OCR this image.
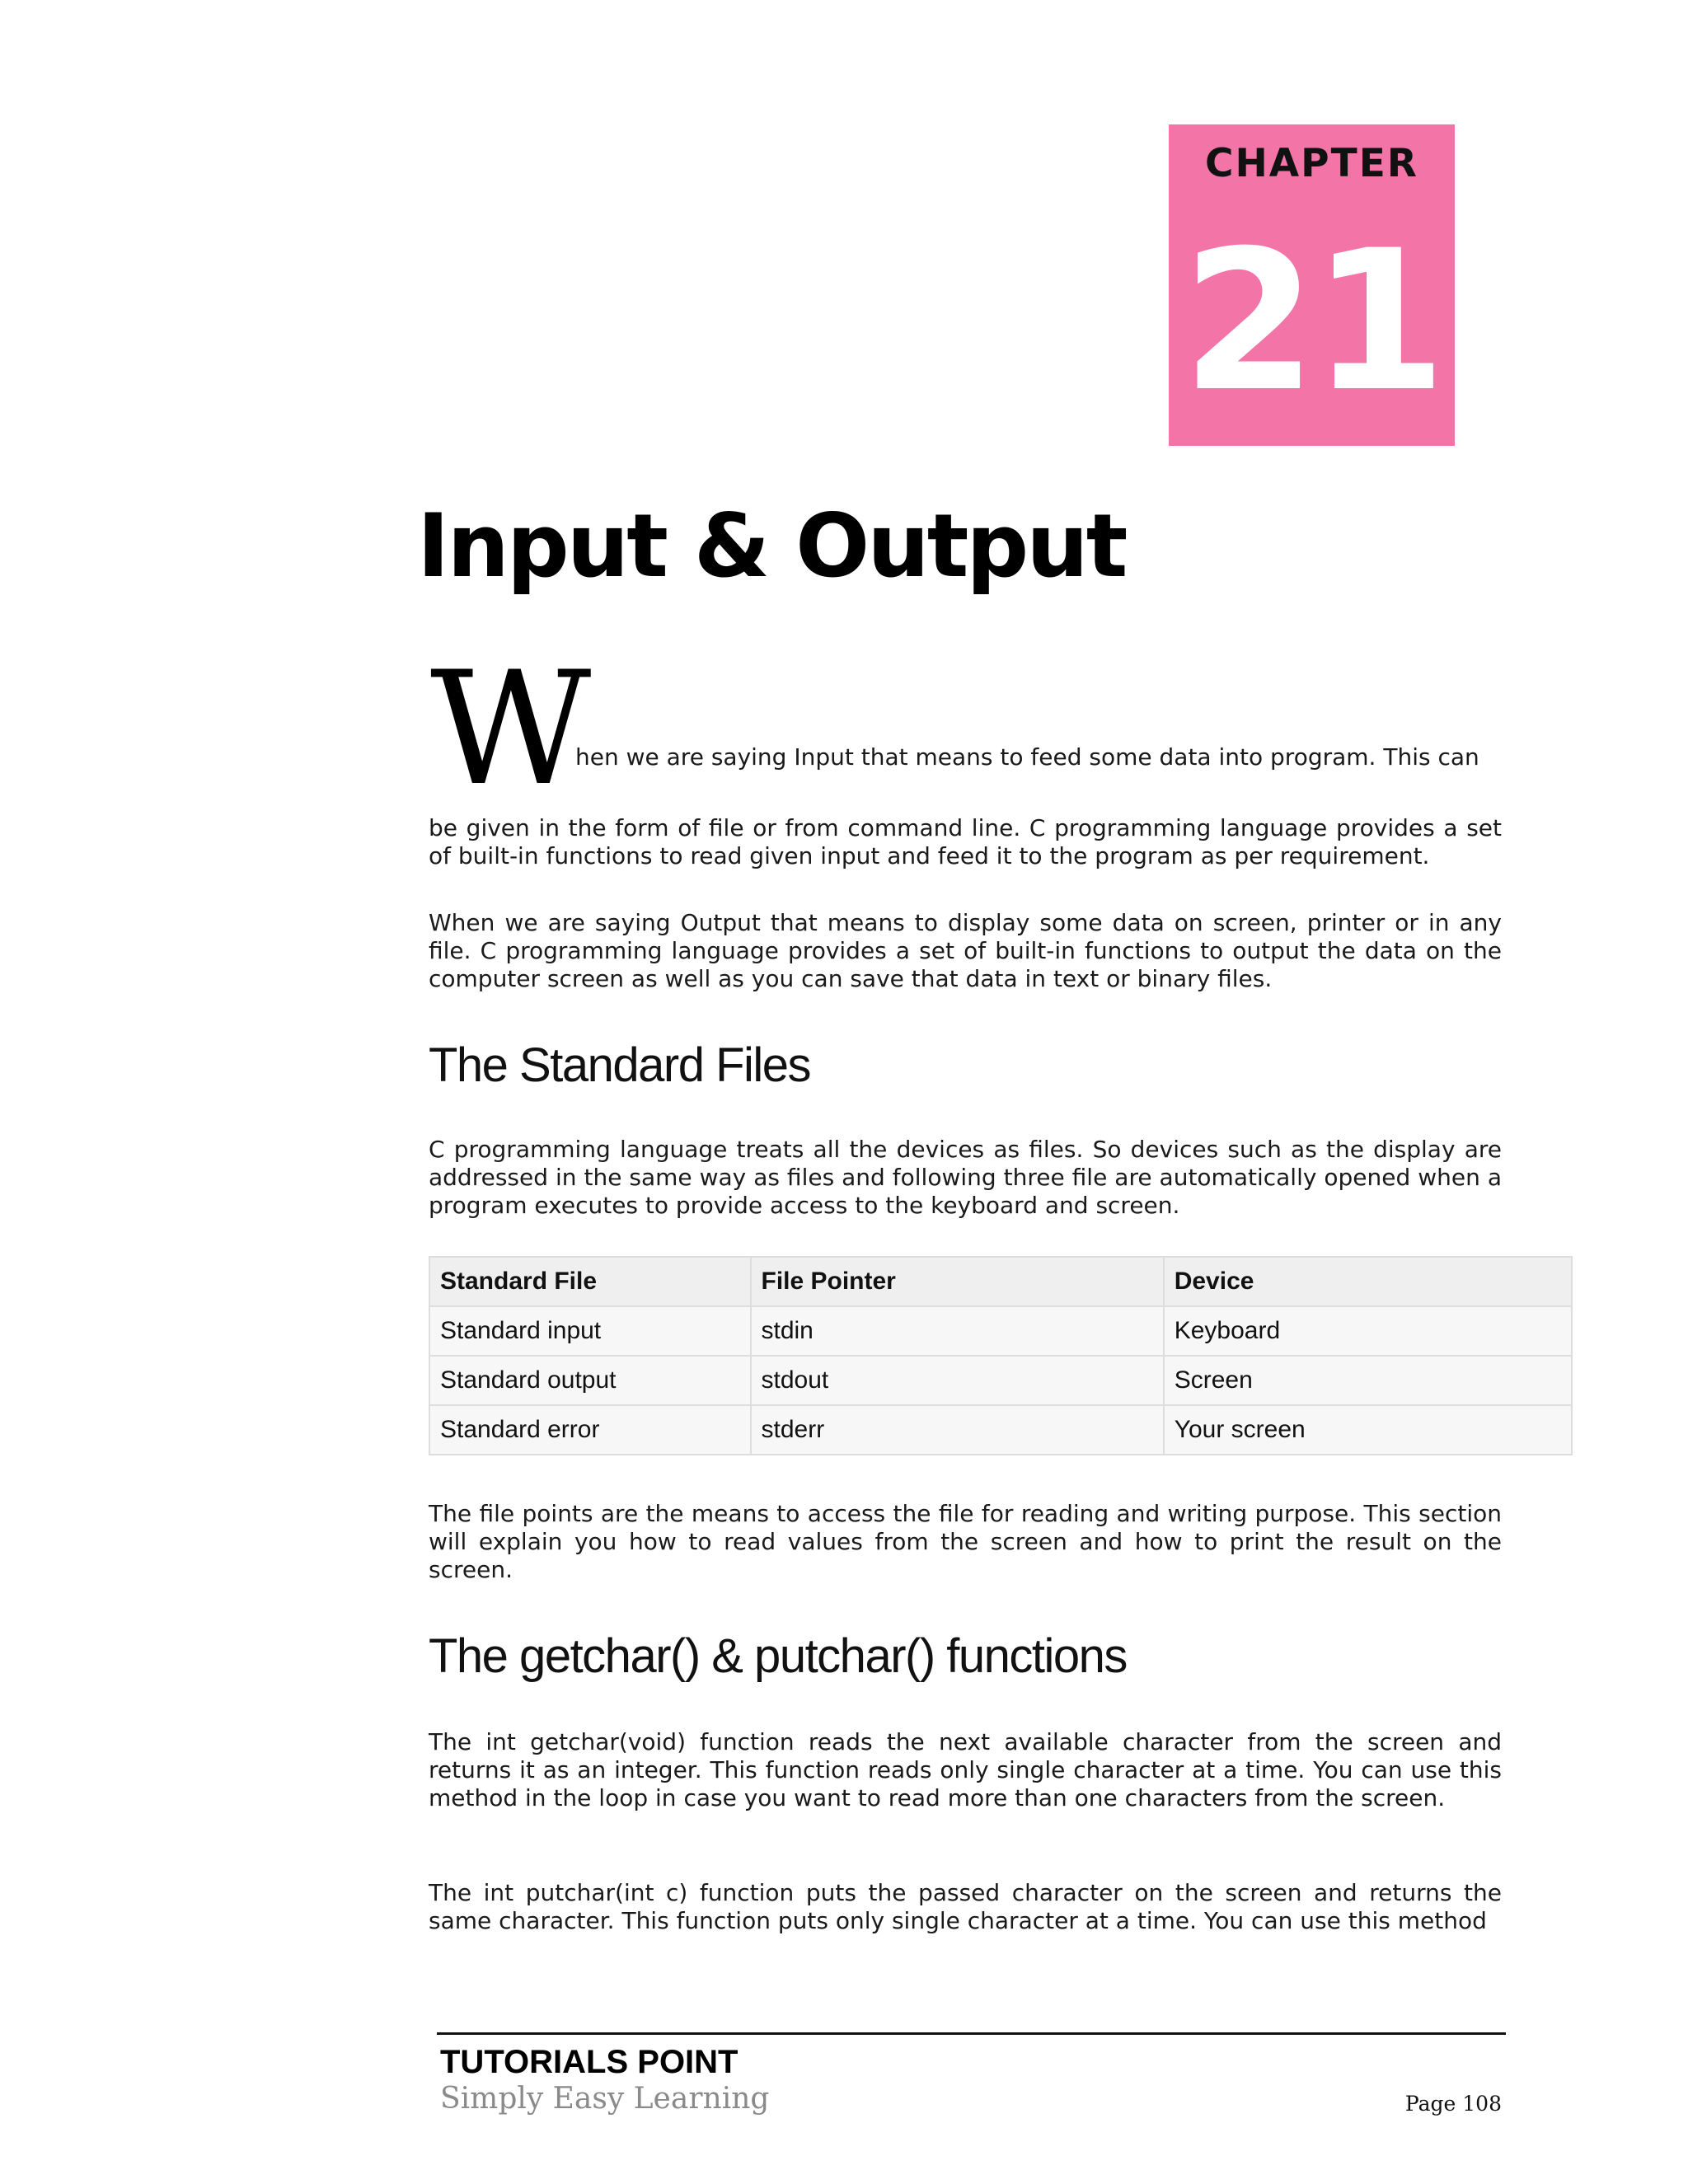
CHAPTER
21
Input & Output
W

hen we are saying Input that means to feed some data into program. This can

be given in the form of file or from command line. C programming language provides a set of built-in functions to read given input and feed it to the program as per requirement.

When we are saying Output that means to display some data on screen, printer or in any file. C programming language provides a set of built-in functions to output the data on the computer screen as well as you can save that data in text or binary files.

The Standard Files

C programming language treats all the devices as files. So devices such as the display are addressed in the same way as files and following three file are automatically opened when a program executes to provide access to the keyboard and screen.

Standard File	File Pointer	Device
Standard input	stdin	Keyboard
Standard output	stdout	Screen
Standard error	stderr	Your screen

The file points are the means to access the file for reading and writing purpose. This section will explain you how to read values from the screen and how to print the result on the screen.

The getchar() & putchar() functions

The int getchar(void) function reads the next available character from the screen and returns it as an integer. This function reads only single character at a time. You can use this method in the loop in case you want to read more than one characters from the screen.

The int putchar(int c) function puts the passed character on the screen and returns the same character. This function puts only single character at a time. You can use this method

TUTORIALS POINT
Simply Easy Learning	Page 108
